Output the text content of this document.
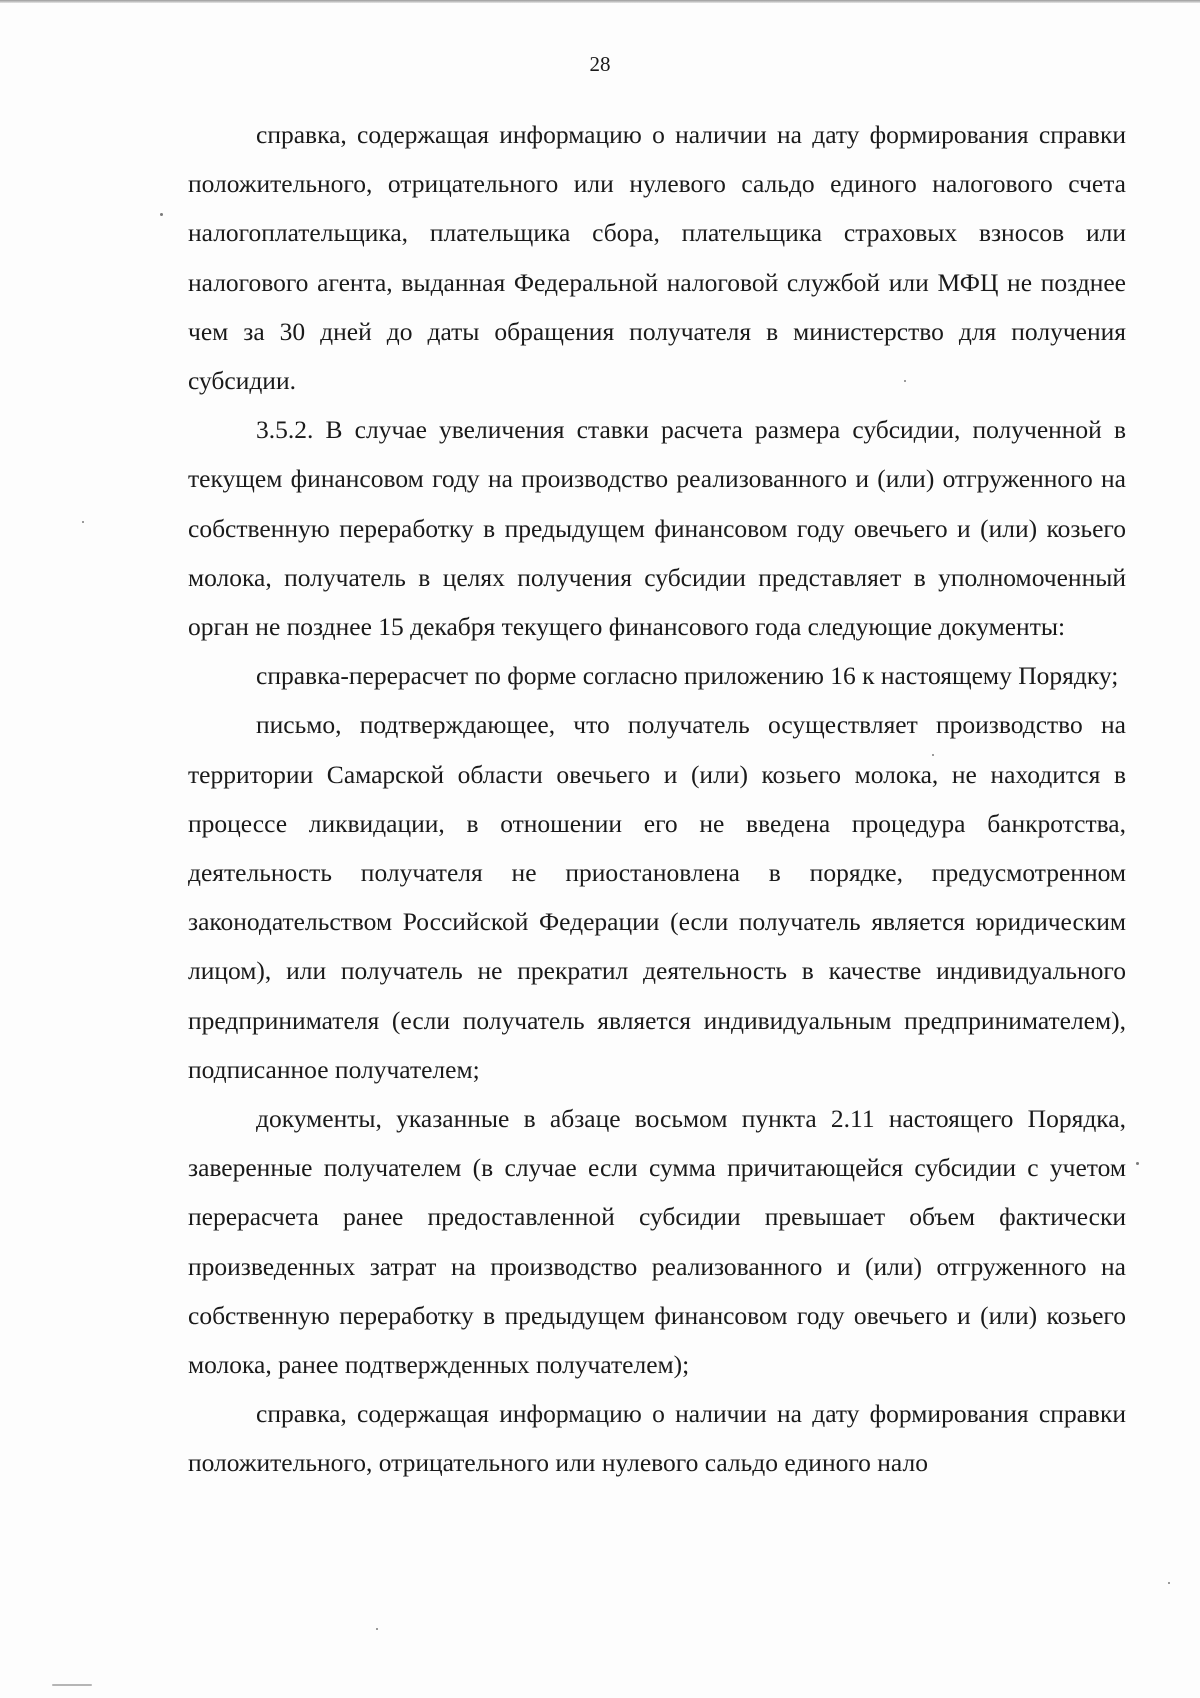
28

справка, содержащая информацию о наличии на дату формирования справки положительного, отрицательного или нулевого сальдо единого налогового счета налогоплательщика, плательщика сбора, плательщика страховых взносов или налогового агента, выданная Федеральной налоговой службой или МФЦ не позднее чем за 30 дней до даты обращения получателя в министерство для получения субсидии.

3.5.2. В случае увеличения ставки расчета размера субсидии, полученной в текущем финансовом году на производство реализованного и (или) отгруженного на собственную переработку в предыдущем финансовом году овечьего и (или) козьего молока, получатель в целях получения субсидии представляет в уполномоченный орган не позднее 15 декабря текущего финансового года следующие документы:

справка-перерасчет по форме согласно приложению 16 к настоящему Порядку;

письмо, подтверждающее, что получатель осуществляет производство на территории Самарской области овечьего и (или) козьего молока, не находится в процессе ликвидации, в отношении его не введена процедура банкротства, деятельность получателя не приостановлена в порядке, предусмотренном законодательством Российской Федерации (если получатель является юридическим лицом), или получатель не прекратил деятельность в качестве индивидуального предпринимателя (если получатель является индивидуальным предпринимателем), подписанное получателем;

документы, указанные в абзаце восьмом пункта 2.11 настоящего Порядка, заверенные получателем (в случае если сумма причитающейся субсидии с учетом перерасчета ранее предоставленной субсидии превышает объем фактически произведенных затрат на производство реализованного и (или) отгруженного на собственную переработку в предыдущем финансовом году овечьего и (или) козьего молока, ранее подтвержденных получателем);

справка, содержащая информацию о наличии на дату формирования справки положительного, отрицательного или нулевого сальдо единого нало
